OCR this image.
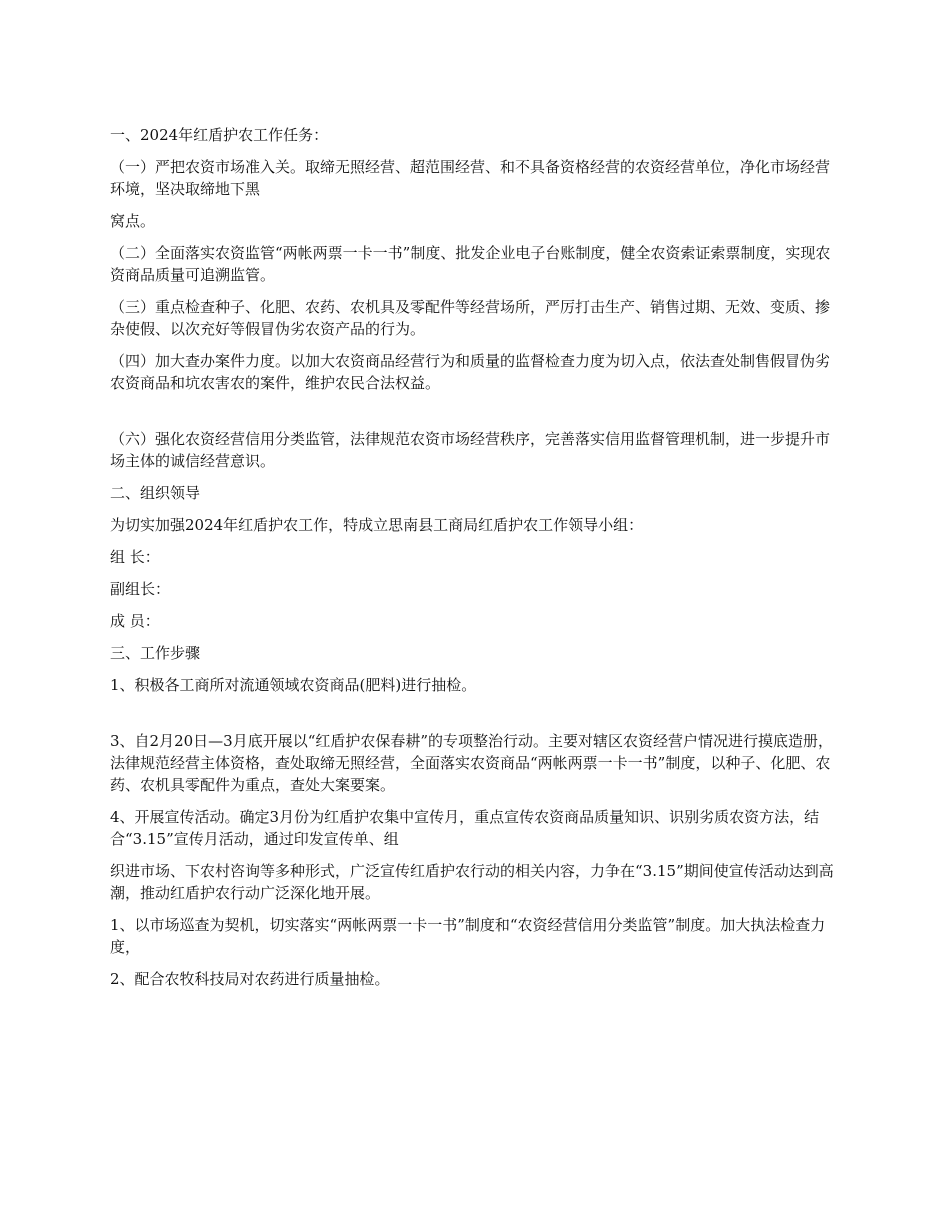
一、2024年红盾护农工作任务：

（一）严把农资市场准入关。取缔无照经营、超范围经营、和不具备资格经营的农资经营单位，净化市场经营环境，坚决取缔地下黑

窝点。

（二）全面落实农资监管“两帐两票一卡一书”制度、批发企业电子台账制度，健全农资索证索票制度，实现农资商品质量可追溯监管。

（三）重点检查种子、化肥、农药、农机具及零配件等经营场所，严厉打击生产、销售过期、无效、变质、掺杂使假、以次充好等假冒伪劣农资产品的行为。

（四）加大查办案件力度。以加大农资商品经营行为和质量的监督检查力度为切入点，依法查处制售假冒伪劣农资商品和坑农害农的案件，维护农民合法权益。

（六）强化农资经营信用分类监管，法律规范农资市场经营秩序，完善落实信用监督管理机制，进一步提升市场主体的诚信经营意识。

二、组织领导

为切实加强2024年红盾护农工作，特成立思南县工商局红盾护农工作领导小组：

组 长：

副组长：

成 员：

三、工作步骤

1、积极各工商所对流通领域农资商品(肥料)进行抽检。

3、自2月20日—3月底开展以“红盾护农保春耕”的专项整治行动。主要对辖区农资经营户情况进行摸底造册，法律规范经营主体资格，查处取缔无照经营，全面落实农资商品“两帐两票一卡一书”制度，以种子、化肥、农药、农机具零配件为重点，查处大案要案。

4、开展宣传活动。确定3月份为红盾护农集中宣传月，重点宣传农资商品质量知识、识别劣质农资方法，结合“3.15”宣传月活动，通过印发宣传单、组

织进市场、下农村咨询等多种形式，广泛宣传红盾护农行动的相关内容，力争在“3.15”期间使宣传活动达到高潮，推动红盾护农行动广泛深化地开展。

1、以市场巡查为契机，切实落实“两帐两票一卡一书”制度和“农资经营信用分类监管”制度。加大执法检查力度，

2、配合农牧科技局对农药进行质量抽检。
